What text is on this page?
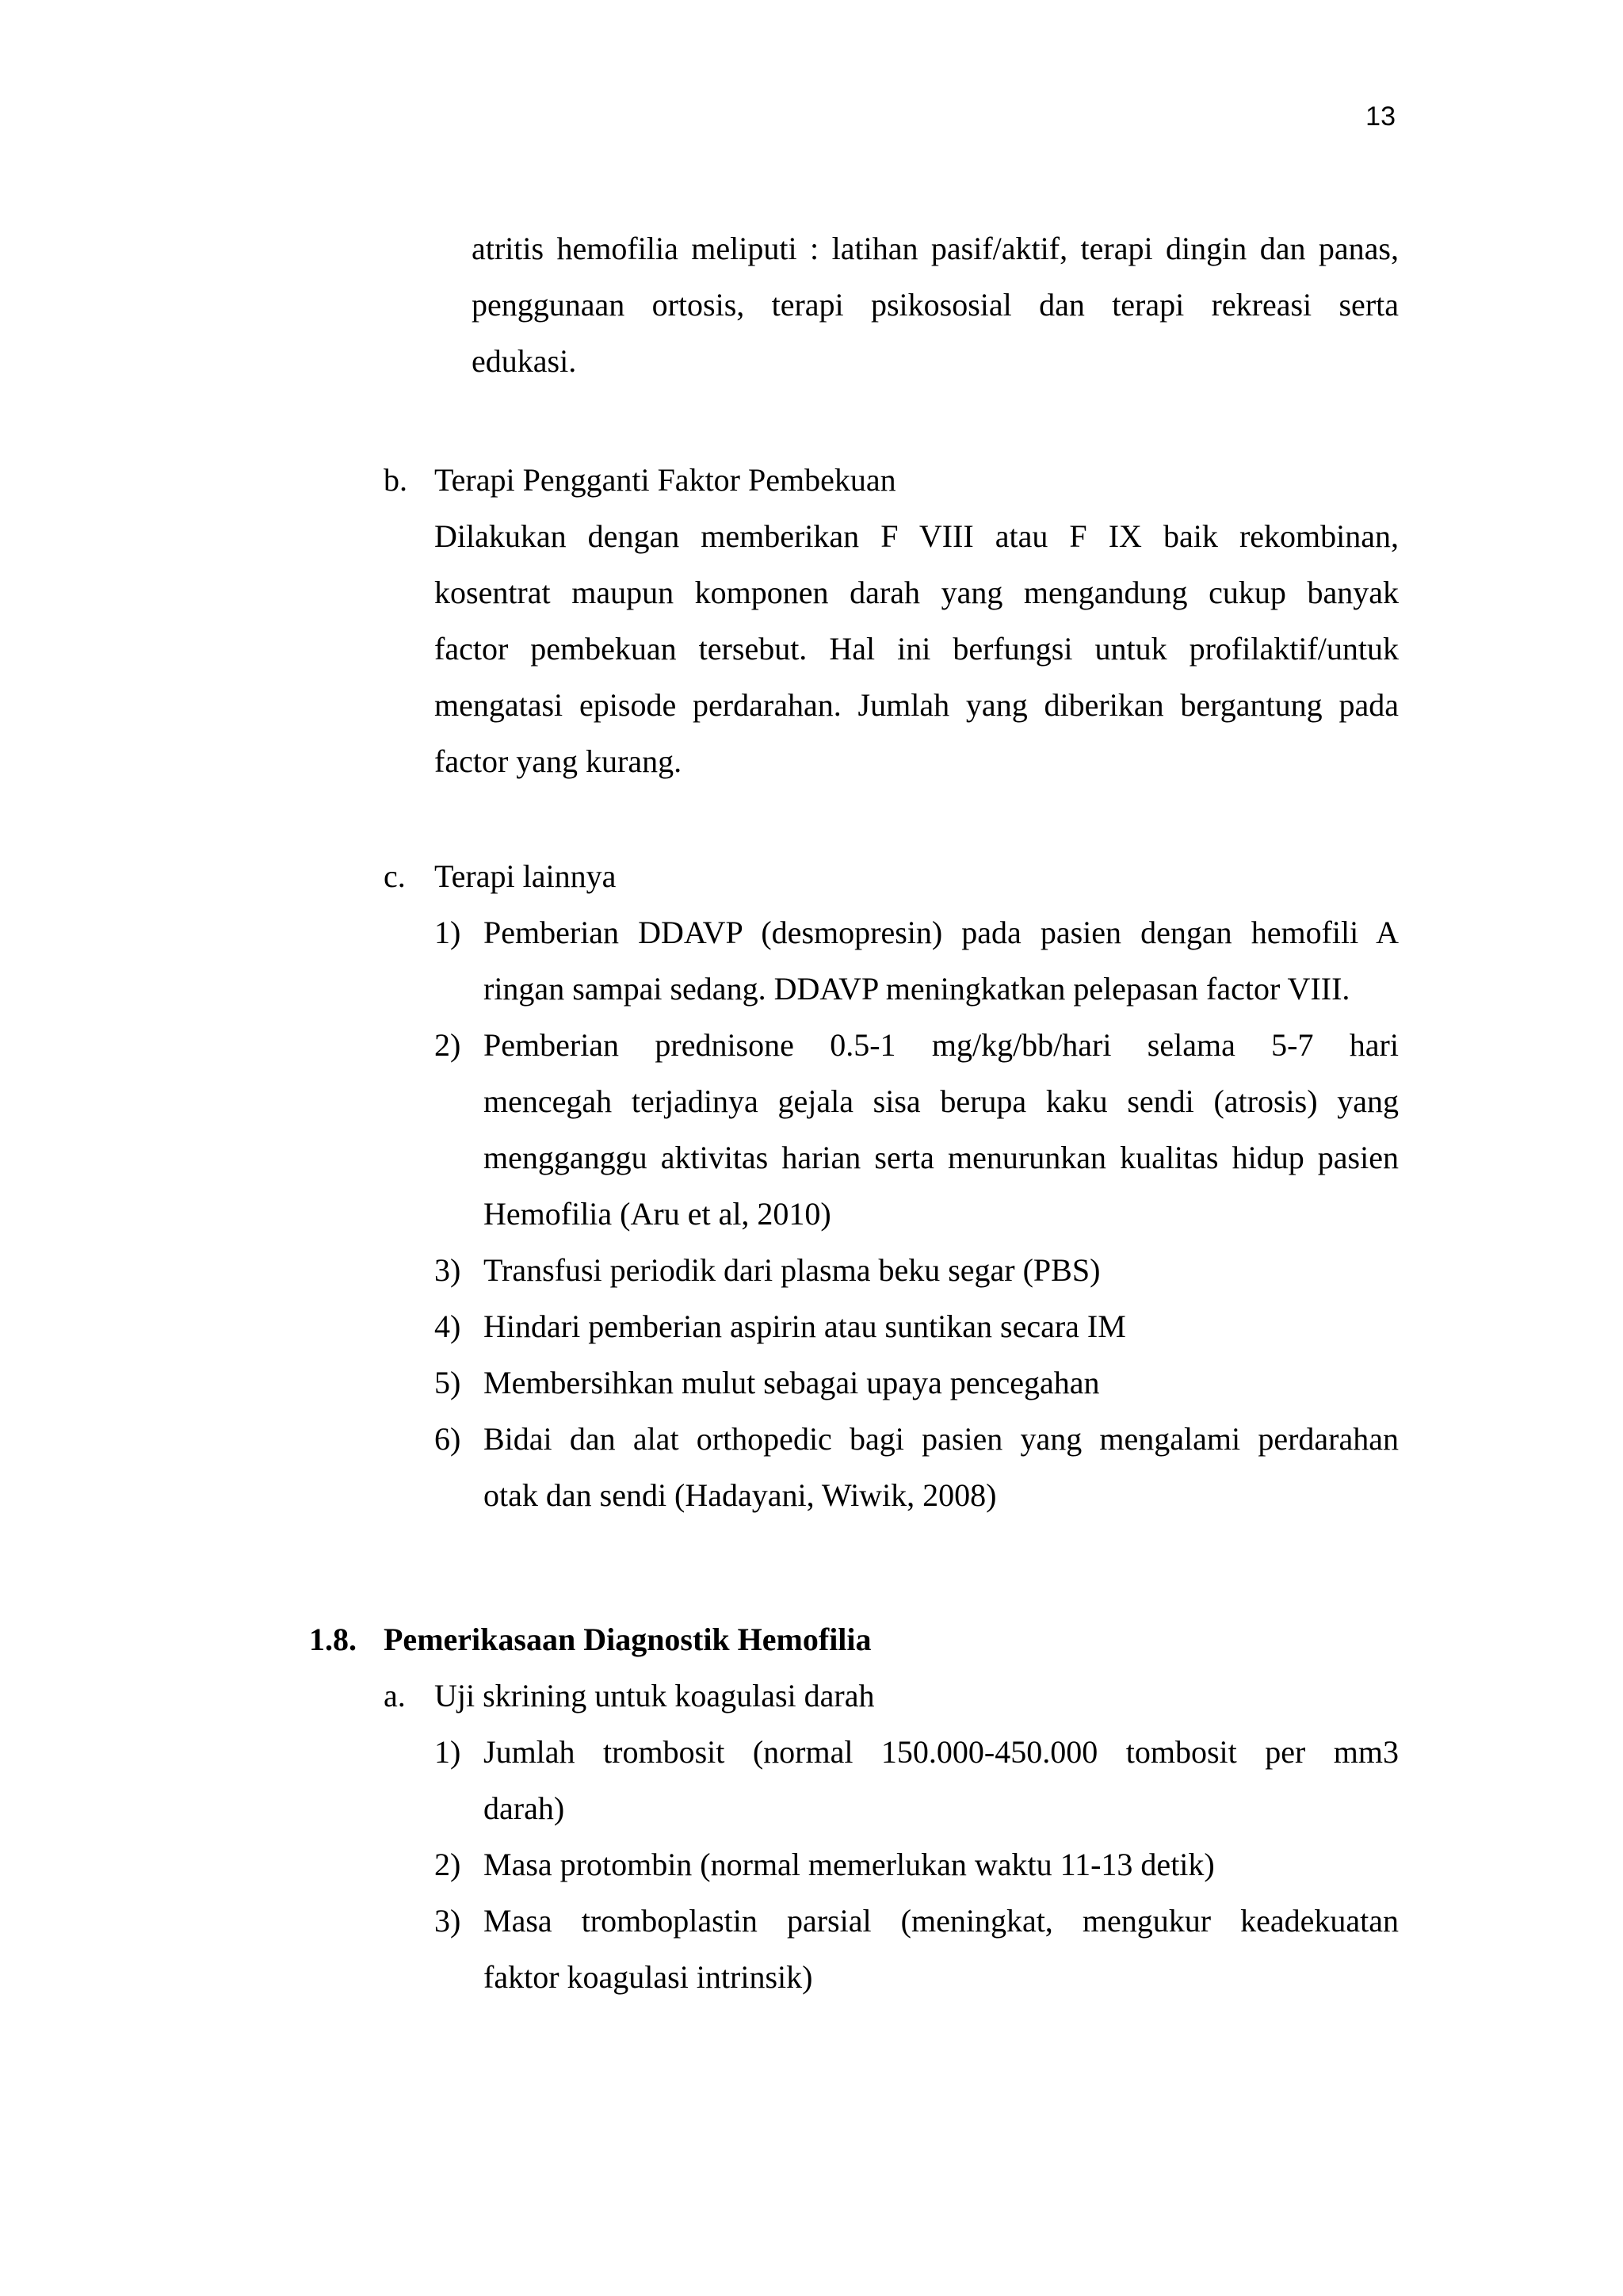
13
atritis hemofilia meliputi : latihan pasif/aktif, terapi dingin dan panas,
penggunaan ortosis, terapi psikososial dan terapi rekreasi serta
edukasi.
b. Terapi Pengganti Faktor Pembekuan
Dilakukan dengan memberikan F VIII atau F IX baik rekombinan,
kosentrat maupun komponen darah yang mengandung cukup banyak
factor pembekuan tersebut. Hal ini berfungsi untuk profilaktif/untuk
mengatasi episode perdarahan. Jumlah yang diberikan bergantung pada
factor yang kurang.
c. Terapi lainnya
1) Pemberian DDAVP (desmopresin) pada pasien dengan hemofili A
ringan sampai sedang. DDAVP meningkatkan pelepasan factor VIII.
2) Pemberian prednisone 0.5-1 mg/kg/bb/hari selama 5-7 hari
mencegah terjadinya gejala sisa berupa kaku sendi (atrosis) yang
mengganggu aktivitas harian serta menurunkan kualitas hidup pasien
Hemofilia (Aru et al, 2010)
3) Transfusi periodik dari plasma beku segar (PBS)
4) Hindari pemberian aspirin atau suntikan secara IM
5) Membersihkan mulut sebagai upaya pencegahan
6) Bidai dan alat orthopedic bagi pasien yang mengalami perdarahan
otak dan sendi (Hadayani, Wiwik, 2008)
1.8. Pemerikasaan Diagnostik Hemofilia
a. Uji skrining untuk koagulasi darah
1) Jumlah trombosit (normal 150.000-450.000 tombosit per mm3
darah)
2) Masa protombin (normal memerlukan waktu 11-13 detik)
3) Masa tromboplastin parsial (meningkat, mengukur keadekuatan
faktor koagulasi intrinsik)
